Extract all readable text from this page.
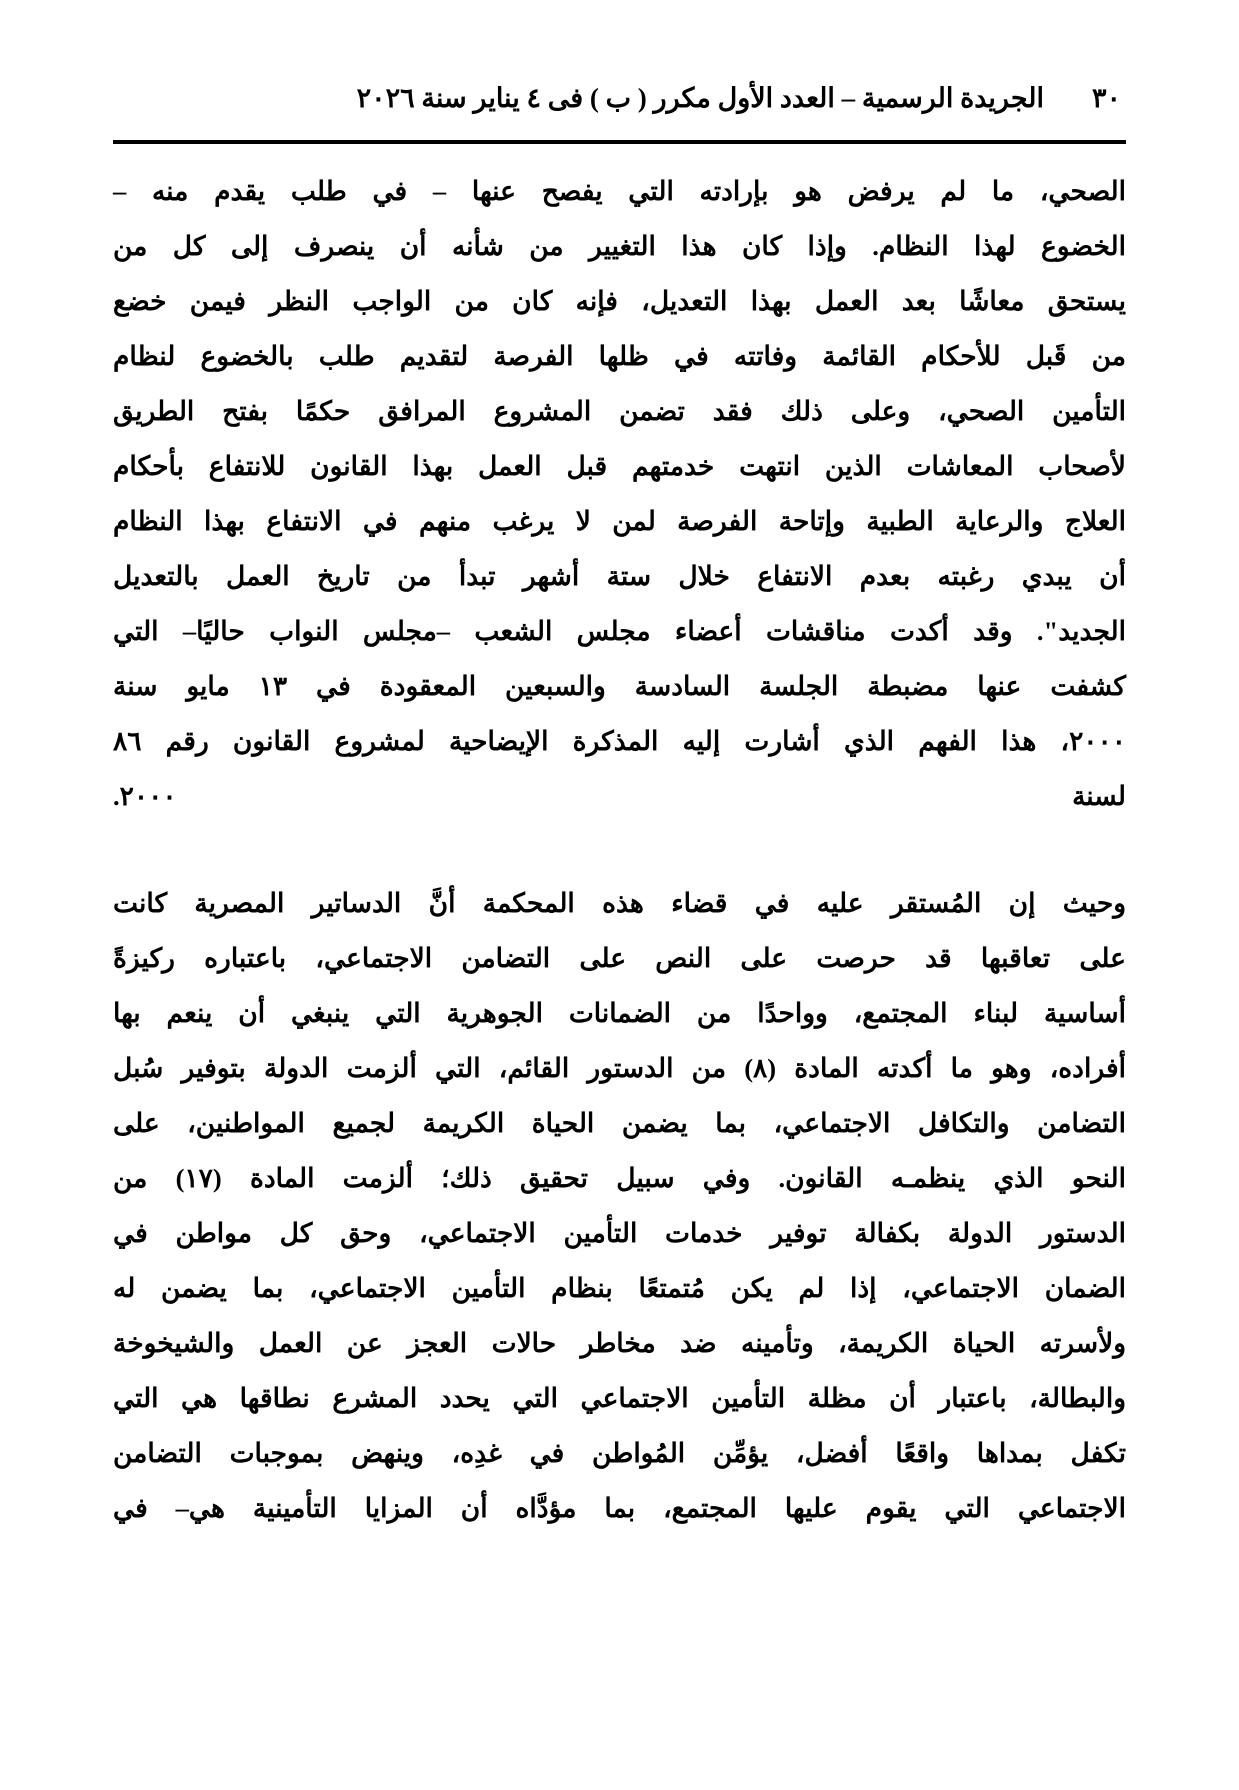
٣٠
الجريدة الرسمية – العدد الأول مكرر ( ب ) فى ٤ يناير سنة ٢٠٢٦
الصحي، ما لم يرفض هو بإرادته التي يفصح عنها – في طلب يقدم منه –
الخضوع لهذا النظام. وإذا كان هذا التغيير من شأنه أن ينصرف إلى كل من
يستحق معاشًا بعد العمل بهذا التعديل، فإنه كان من الواجب النظر فيمن خضع
من قَبل للأحكام القائمة وفاتته في ظلها الفرصة لتقديم طلب بالخضوع لنظام
التأمين الصحي، وعلى ذلك فقد تضمن المشروع المرافق حكمًا بفتح الطريق
لأصحاب المعاشات الذين انتهت خدمتهم قبل العمل بهذا القانون للانتفاع بأحكام
العلاج والرعاية الطبية وإتاحة الفرصة لمن لا يرغب منهم في الانتفاع بهذا النظام
أن يبدي رغبته بعدم الانتفاع خلال ستة أشهر تبدأ من تاريخ العمل بالتعديل
الجديد". وقد أكدت مناقشات أعضاء مجلس الشعب –مجلس النواب حاليًا– التي
كشفت عنها مضبطة الجلسة السادسة والسبعين المعقودة في ١٣ مايو سنة
٢٠٠٠، هذا الفهم الذي أشارت إليه المذكرة الإيضاحية لمشروع القانون رقم ٨٦
لسنة ٢٠٠٠.
وحيث إن المُستقر عليه في قضاء هذه المحكمة أنَّ الدساتير المصرية كانت
على تعاقبها قد حرصت على النص على التضامن الاجتماعي، باعتباره ركيزةً
أساسية لبناء المجتمع، وواحدًا من الضمانات الجوهرية التي ينبغي أن ينعم بها
أفراده، وهو ما أكدته المادة (٨) من الدستور القائم، التي ألزمت الدولة بتوفير سُبل
التضامن والتكافل الاجتماعي، بما يضمن الحياة الكريمة لجميع المواطنين، على
النحو الذي ينظمـه القانون. وفي سبيل تحقيق ذلك؛ ألزمت المادة (١٧) من
الدستور الدولة بكفالة توفير خدمات التأمين الاجتماعي، وحق كل مواطن في
الضمان الاجتماعي، إذا لم يكن مُتمتعًا بنظام التأمين الاجتماعي، بما يضمن له
ولأسرته الحياة الكريمة، وتأمينه ضد مخاطر حالات العجز عن العمل والشيخوخة
والبطالة، باعتبار أن مظلة التأمين الاجتماعي التي يحدد المشرع نطاقها هي التي
تكفل بمداها واقعًا أفضل، يؤمِّن المُواطن في غدِه، وينهض بموجبات التضامن
الاجتماعي التي يقوم عليها المجتمع، بما مؤدَّاه أن المزايا التأمينية هي– في
